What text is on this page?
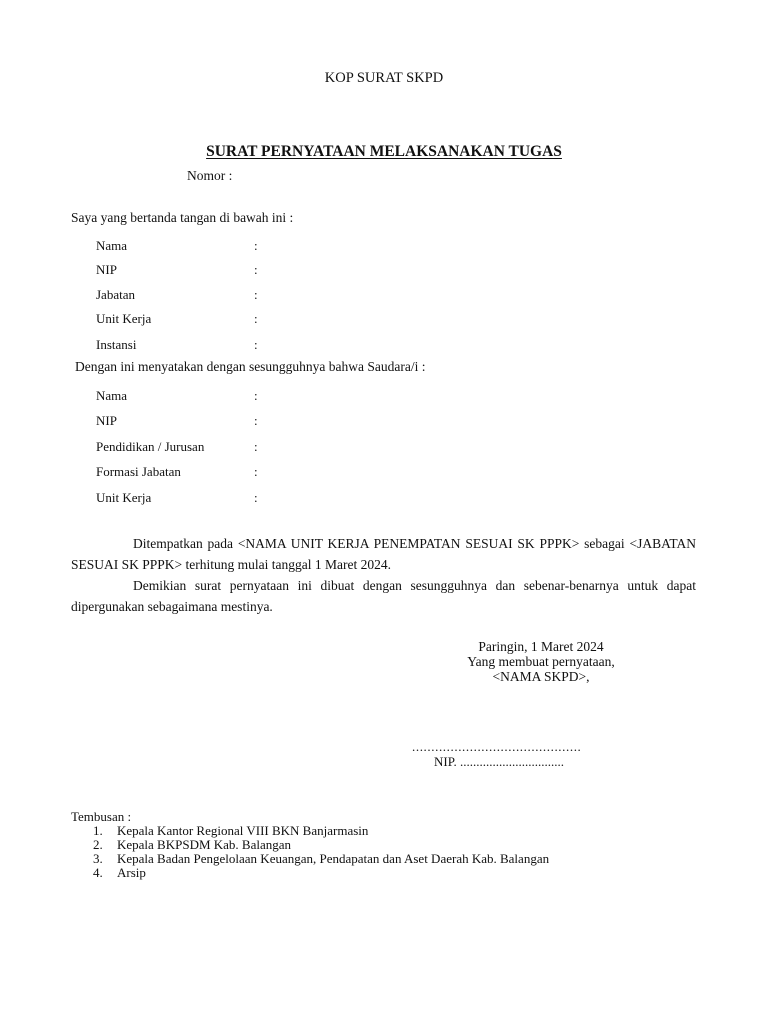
KOP SURAT SKPD
SURAT PERNYATAAN MELAKSANAKAN TUGAS
Nomor :
Saya yang bertanda tangan di bawah ini :
Nama	:
NIP	:
Jabatan	:
Unit Kerja	:
Instansi	:
Dengan ini menyatakan dengan sesungguhnya bahwa Saudara/i :
Nama	:
NIP	:
Pendidikan / Jurusan	:
Formasi Jabatan	:
Unit Kerja	:
Ditempatkan pada <NAMA UNIT KERJA PENEMPATAN SESUAI SK PPPK> sebagai <JABATAN SESUAI SK PPPK> terhitung mulai tanggal 1 Maret 2024.
Demikian surat pernyataan ini dibuat dengan sesungguhnya dan sebenar-benarnya untuk dapat dipergunakan sebagaimana mestinya.
Paringin, 1 Maret 2024
Yang membuat pernyataan,
<NAMA SKPD>,
............................................
NIP. ................................
Tembusan :
1. Kepala Kantor Regional VIII BKN Banjarmasin
2. Kepala BKPSDM Kab. Balangan
3. Kepala Badan Pengelolaan Keuangan, Pendapatan dan Aset Daerah Kab. Balangan
4. Arsip
